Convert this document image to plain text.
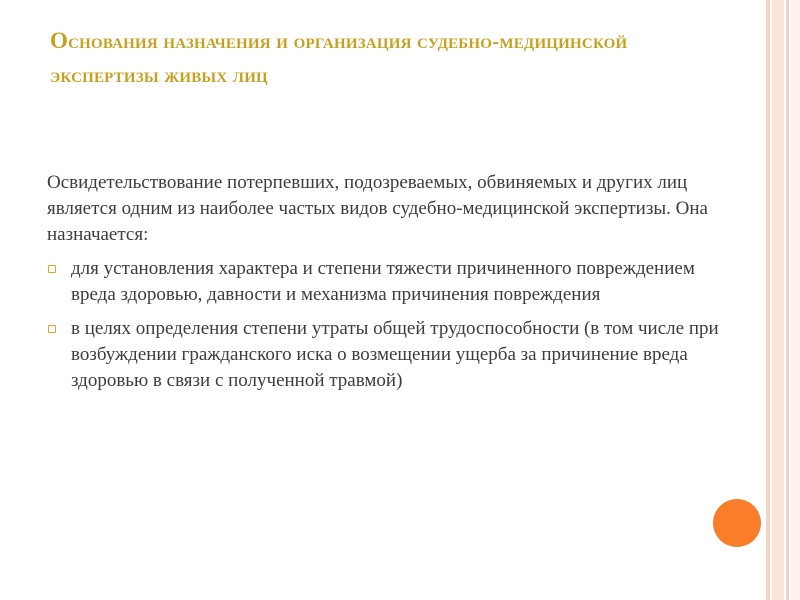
Основания назначения и организация судебно-медицинской экспертизы живых лиц

Освидетельствование потерпевших, подозреваемых, обвиняемых и других лиц является одним из наиболее частых видов судебно-медицинской экспертизы. Она назначается:

для установления характера и степени тяжести причиненного повреждением вреда здоровью, давности и механизма причинения повреждения
в целях определения степени утраты общей трудоспособности (в том числе при возбуждении гражданского иска о возмещении ущерба за причинение вреда здоровью в связи с полученной травмой)
